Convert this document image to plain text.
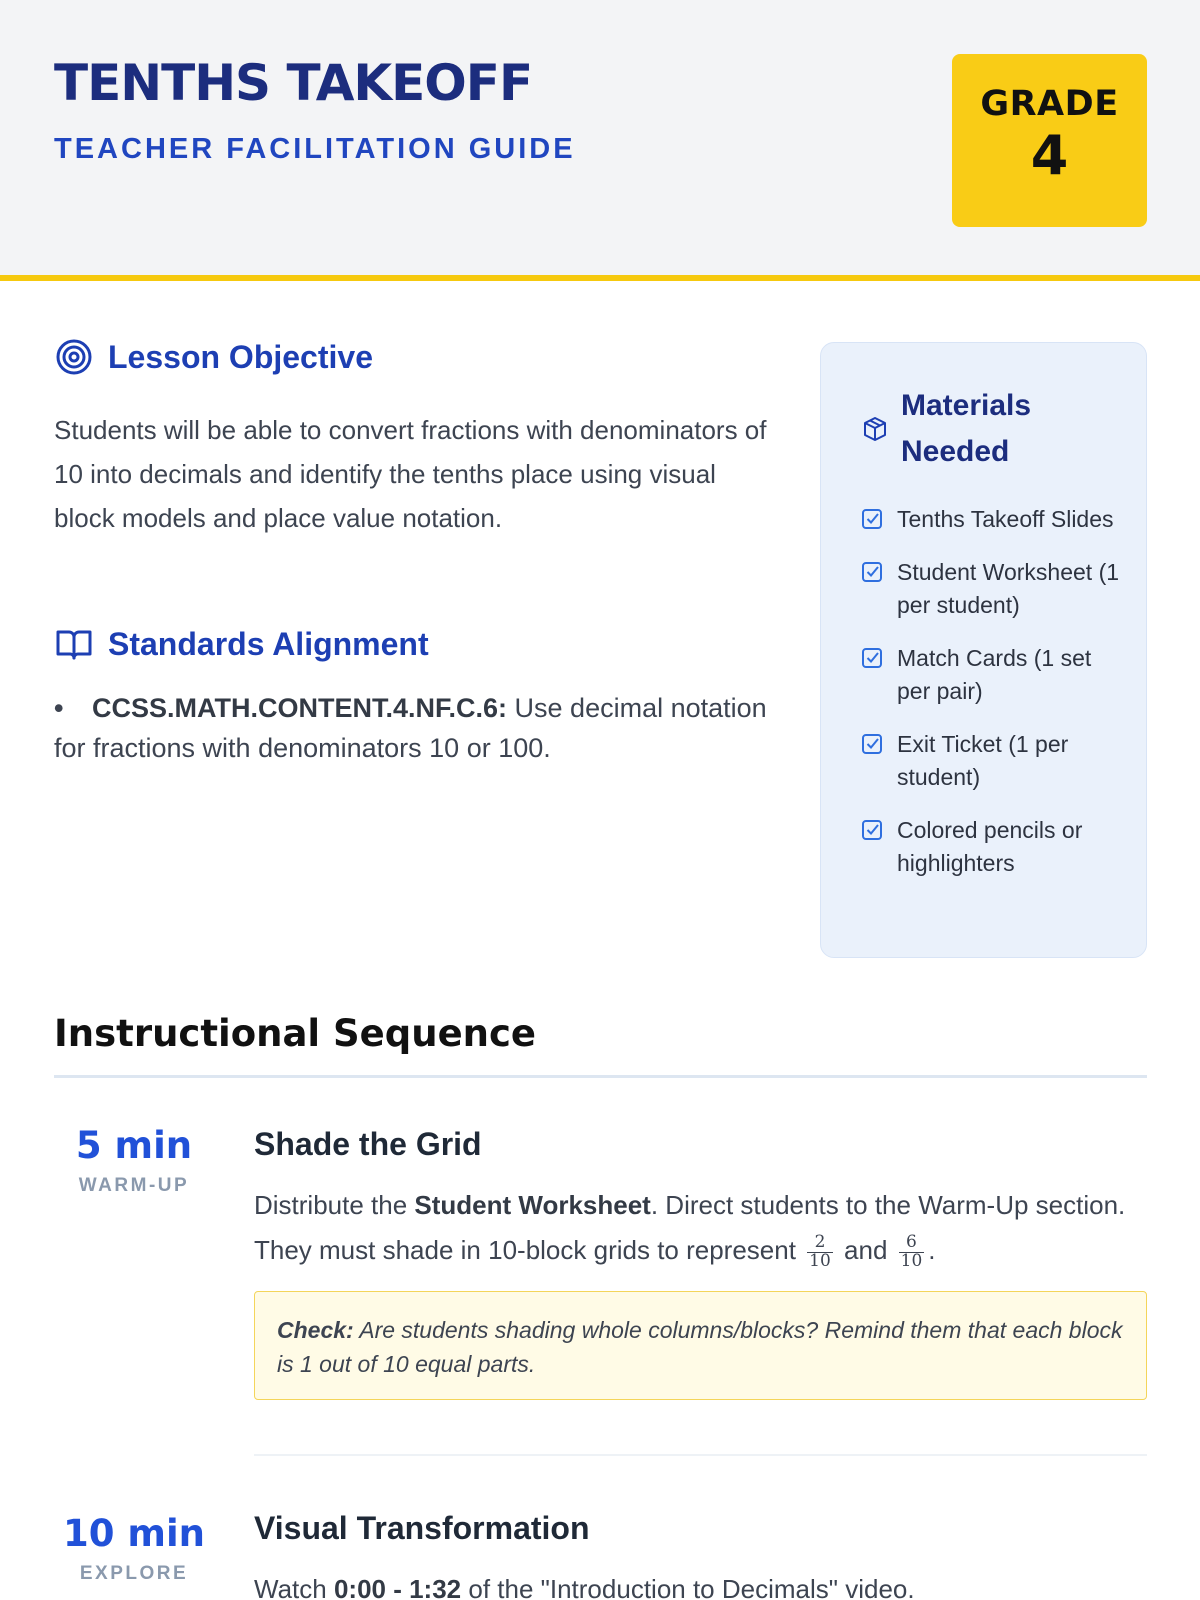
TENTHS TAKEOFF
TEACHER FACILITATION GUIDE
GRADE
4
Lesson Objective

Students will be able to convert fractions with denominators of 10 into decimals and identify the tenths place using visual block models and place value notation.

Standards Alignment
• CCSS.MATH.CONTENT.4.NF.C.6: Use decimal notation for fractions with denominators 10 or 100.
Materials Needed
Tenths Takeoff Slides
Student Worksheet (1 per student)
Match Cards (1 set per pair)
Exit Ticket (1 per student)
Colored pencils or highlighters
Instructional Sequence
5 min
WARM-UP
Shade the Grid

Distribute the Student Worksheet. Direct students to the Warm-Up section. They must shade in 10-block grids to represent $\frac{2}{10}$ and $\frac{6}{10}$ .

Check: Are students shading whole columns/blocks? Remind them that each block is 1 out of 10 equal parts.
10 min
EXPLORE
Visual Transformation

Watch 0:00 - 1:32 of the "Introduction to Decimals" video.
